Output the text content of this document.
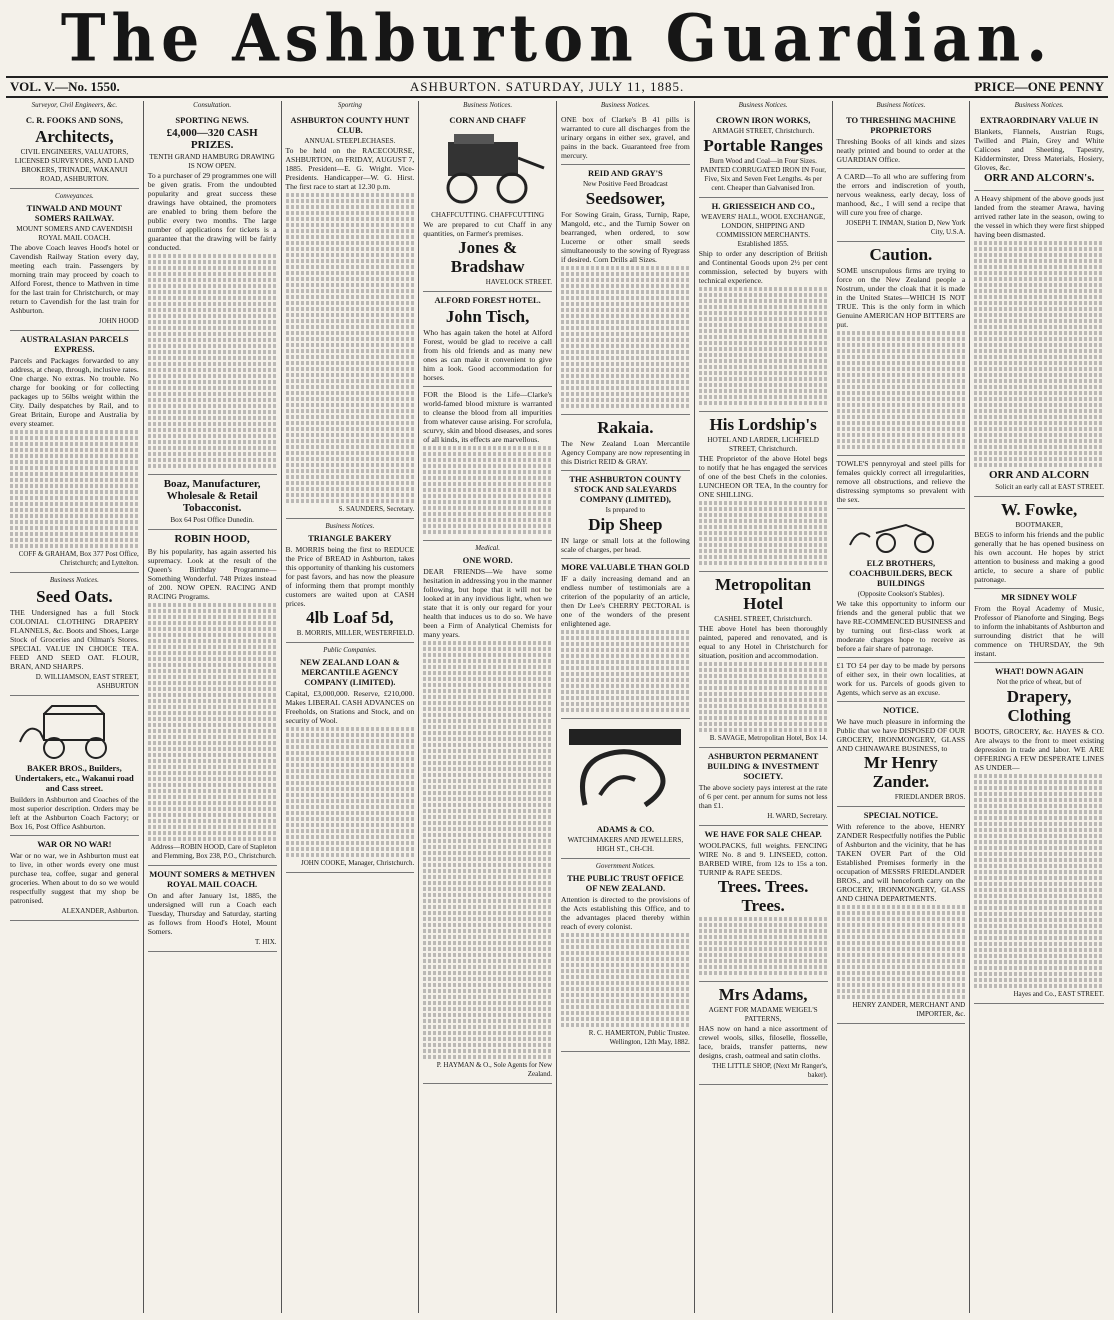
The Ashburton Guardian.
VOL. V.—No. 1550.	ASHBURTON. SATURDAY, JULY 11, 1885.	PRICE—ONE PENNY
Surveyor, Civil Engineers, &c.
C. R. FOOKS AND SONS,
Architects,

CIVIL ENGINEERS, VALUATORS, LICENSED SURVEYORS, AND LAND BROKERS, TRINADE, WAKANUI ROAD, ASHBURTON.

Conveyances.
TINWALD AND MOUNT SOMERS RAILWAY.

MOUNT SOMERS AND CAVENDISH ROYAL MAIL COACH.

The above Coach leaves Hood's hotel or Cavendish Railway Station every day, meeting each train. Passengers by morning train may proceed by coach to Alford Forest, thence to Mathven in time for the last train for Christchurch, or may return to Cavendish for the last train for Ashburton.

JOHN HOOD
AUSTRALASIAN PARCELS EXPRESS.

Parcels and Packages forwarded to any address, at cheap, through, inclusive rates. One charge. No extras. No trouble. No charge for booking or for collecting packages up to 56lbs weight within the City. Daily despatches by Rail, and to Great Britain, Europe and Australia by every steamer.

COFF & GRAHAM, Box 377 Post Office, Christchurch; and Lyttelton.
Business Notices.
Seed Oats.

THE Undersigned has a full Stock COLONIAL CLOTHING DRAPERY FLANNELS, &c. Boots and Shoes, Large Stock of Groceries and Oilman's Stores. SPECIAL VALUE IN CHOICE TEA. FEED AND SEED OAT. FLOUR, BRAN, AND SHARPS.

D. WILLIAMSON, EAST STREET, ASHBURTON
BAKER BROS., Builders, Undertakers, etc., Wakanui road and Cass street.

Builders in Ashburton and Coaches of the most superior description. Orders may be left at the Ashburton Coach Factory; or Box 16, Post Office Ashburton.

WAR OR NO WAR!

War or no war, we in Ashburton must eat to live, in other words every one must purchase tea, coffee, sugar and general groceries. When about to do so we would respectfully suggest that my shop be patronised.

ALEXANDER, Ashburton.
Consultation.
SPORTING NEWS.
£4,000—320 CASH PRIZES.

TENTH GRAND HAMBURG DRAWING IS NOW OPEN.

To a purchaser of 29 programmes one will be given gratis. From the undoubted popularity and great success these drawings have obtained, the promoters are enabled to bring them before the public every two months. The large number of applications for tickets is a guarantee that the drawing will be fairly conducted.

Boaz, Manufacturer, Wholesale & Retail Tobacconist.

Box 64 Post Office Dunedin.

ROBIN HOOD,

By his popularity, has again asserted his supremacy. Look at the result of the Queen's Birthday Programme—Something Wonderful. 748 Prizes instead of 200. NOW OPEN. RACING AND RACING Programs.

Address—ROBIN HOOD, Care of Stapleton and Flemming, Box 238, P.O., Christchurch.
MOUNT SOMERS & METHVEN ROYAL MAIL COACH.

On and after January 1st, 1885, the undersigned will run a Coach each Tuesday, Thursday and Saturday, starting as follows from Hood's Hotel, Mount Somers.

T. HIX.
Sporting
ASHBURTON COUNTY HUNT CLUB.

ANNUAL STEEPLECHASES.

To be held on the RACECOURSE, ASHBURTON, on FRIDAY, AUGUST 7, 1885. President—E. G. Wright. Vice-Presidents. Handicapper—W. G. Hirst. The first race to start at 12.30 p.m.

S. SAUNDERS, Secretary.
Business Notices.
TRIANGLE BAKERY

B. MORRIS being the first to REDUCE the Price of BREAD in Ashburton, takes this opportunity of thanking his customers for past favors, and has now the pleasure of informing them that prompt monthly customers are waited upon at CASH prices.

4lb Loaf 5d,
B. MORRIS, MILLER, WESTERFIELD.
Public Companies.
NEW ZEALAND LOAN & MERCANTILE AGENCY COMPANY (LIMITED).

Capital, £3,000,000. Reserve, £210,000. Makes LIBERAL CASH ADVANCES on Freeholds, on Stations and Stock, and on security of Wool.

JOHN COOKE, Manager, Christchurch.
Business Notices.
CORN AND CHAFF

CHAFFCUTTING. CHAFFCUTTING

We are prepared to cut Chaff in any quantities, on Farmer's premises.

Jones & Bradshaw
HAVELOCK STREET.
ALFORD FOREST HOTEL.
John Tisch,

Who has again taken the hotel at Alford Forest, would be glad to receive a call from his old friends and as many new ones as can make it convenient to give him a look. Good accommodation for horses.

FOR the Blood is the Life—Clarke's world-famed blood mixture is warranted to cleanse the blood from all impurities from whatever cause arising. For scrofula, scurvy, skin and blood diseases, and sores of all kinds, its effects are marvellous.

Medical.
ONE WORD.

DEAR FRIENDS—We have some hesitation in addressing you in the manner following, but hope that it will not be looked at in any invidious light, when we state that it is only our regard for your health that induces us to do so. We have been a Firm of Analytical Chemists for many years.

P. HAYMAN & O., Sole Agents for New Zealand.
Business Notices.

ONE box of Clarke's B 41 pills is warranted to cure all discharges from the urinary organs in either sex, gravel, and pains in the back. Guaranteed free from mercury.

REID AND GRAY'S

New Positive Feed Broadcast

Seedsower,

For Sowing Grain, Grass, Turnip, Rape, Mangold, etc., and the Turnip Sower on bearranged, when ordered, to sow Lucerne or other small seeds simultaneously to the sowing of Ryegrass if desired. Corn Drills all Sizes.

Rakaia.

The New Zealand Loan Mercantile Agency Company are now representing in this District REID & GRAY.

THE ASHBURTON COUNTY STOCK AND SALEYARDS COMPANY (LIMITED),

Is prepared to

Dip Sheep

IN large or small lots at the following scale of charges, per head.

MORE VALUABLE THAN GOLD

IF a daily increasing demand and an endless number of testimonials are a criterion of the popularity of an article, then Dr Lee's CHERRY PECTORAL is one of the wonders of the present enlightened age.

ADAMS & CO.

WATCHMAKERS AND JEWELLERS, HIGH ST., CH-CH.

Government Notices.
THE PUBLIC TRUST OFFICE OF NEW ZEALAND.

Attention is directed to the provisions of the Acts establishing this Office, and to the advantages placed thereby within reach of every colonist.

R. C. HAMERTON, Public Trustee. Wellington, 12th May, 1882.
Business Notices.
CROWN IRON WORKS,

ARMAGH STREET, Christchurch.

Portable Ranges

Burn Wood and Coal—in Four Sizes. PAINTED CORRUGATED IRON IN Four, Five, Six and Seven Feet Lengths. 4s per cent. Cheaper than Galvanised Iron.

H. GRIESSEICH AND CO.,

WEAVERS' HALL, WOOL EXCHANGE, LONDON, SHIPPING AND COMMISSION MERCHANTS. Established 1855.

Ship to order any description of British and Continental Goods upon 2½ per cent commission, selected by buyers with technical experience.

His Lordship's

HOTEL AND LARDER, LICHFIELD STREET, Christchurch.

THE Proprietor of the above Hotel begs to notify that he has engaged the services of one of the best Chefs in the colonies. LUNCHEON OR TEA, In the country for ONE SHILLING.

Metropolitan Hotel

CASHEL STREET, Christchurch.

THE above Hotel has been thoroughly painted, papered and renovated, and is equal to any Hotel in Christchurch for situation, position and accommodation.

B. SAVAGE, Metropolitan Hotel, Box 14.
ASHBURTON PERMANENT BUILDING & INVESTMENT SOCIETY.

The above society pays interest at the rate of 6 per cent. per annum for sums not less than £1.

H. WARD, Secretary.
WE HAVE FOR SALE CHEAP.

WOOLPACKS, full weights. FENCING WIRE No. 8 and 9. LINSEED, cotton. BARBED WIRE, from 12s to 15s a ton. TURNIP & RAPE SEEDS.

Trees. Trees. Trees.
Mrs Adams,

AGENT FOR MADAME WEIGEL'S PATTERNS,

HAS now on hand a nice assortment of crewel wools, silks, filoselle, flosselle, lace, braids, transfer patterns, new designs, crash, oatmeal and satin cloths.

THE LITTLE SHOP, (Next Mr Ranger's, baker).
Business Notices.
TO THRESHING MACHINE PROPRIETORS

Threshing Books of all kinds and sizes neatly printed and bound to order at the GUARDIAN Office.

A CARD—To all who are suffering from the errors and indiscretion of youth, nervous weakness, early decay, loss of manhood, &c., I will send a recipe that will cure you free of charge.

JOSEPH T. INMAN, Station D, New York City, U.S.A.
Caution.

SOME unscrupulous firms are trying to force on the New Zealand people a Nostrum, under the cloak that it is made in the United States—WHICH IS NOT TRUE. This is the only form in which Genuine AMERICAN HOP BITTERS are put.

TOWLE'S pennyroyal and steel pills for females quickly correct all irregularities, remove all obstructions, and relieve the distressing symptoms so prevalent with the sex.

ELZ BROTHERS, COACHBUILDERS, BECK BUILDINGS

(Opposite Cookson's Stables).

We take this opportunity to inform our friends and the general public that we have RE-COMMENCED BUSINESS and by turning out first-class work at moderate charges hope to receive as before a fair share of patronage.

£1 TO £4 per day to be made by persons of either sex, in their own localities, at work for us. Parcels of goods given to Agents, which serve as an excuse.

NOTICE.

We have much pleasure in informing the Public that we have DISPOSED OF OUR GROCERY, IRONMONGERY, GLASS AND CHINAWARE BUSINESS, to

Mr Henry Zander.
FRIEDLANDER BROS.
SPECIAL NOTICE.

With reference to the above, HENRY ZANDER Respectfully notifies the Public of Ashburton and the vicinity, that he has TAKEN OVER Part of the Old Established Premises formerly in the occupation of MESSRS FRIEDLANDER BROS., and will henceforth carry on the GROCERY, IRONMONGERY, GLASS AND CHINA DEPARTMENTS.

HENRY ZANDER, MERCHANT AND IMPORTER, &c.
Business Notices.
EXTRAORDINARY VALUE IN

Blankets, Flannels, Austrian Rugs, Twilled and Plain, Grey and White Calicoes and Sheeting, Tapestry, Kidderminster, Dress Materials, Hosiery, Gloves, &c.

ORR AND ALCORN's.

A Heavy shipment of the above goods just landed from the steamer Arawa, having arrived rather late in the season, owing to the vessel in which they were first shipped having been dismasted.

ORR AND ALCORN
Solicit an early call at EAST STREET.
W. Fowke,

BOOTMAKER,

BEGS to inform his friends and the public generally that he has opened business on his own account. He hopes by strict attention to business and making a good article, to secure a share of public patronage.

MR SIDNEY WOLF

From the Royal Academy of Music, Professor of Pianoforte and Singing. Begs to inform the inhabitants of Ashburton and surrounding district that he will commence on THURSDAY, the 9th instant.

WHAT! DOWN AGAIN

Not the price of wheat, but of

Drapery, Clothing

BOOTS, GROCERY, &c. HAYES & CO. Are always to the front to meet existing depression in trade and labor. WE ARE OFFERING A FEW DESPERATE LINES AS UNDER—

Hayes and Co., EAST STREET.
